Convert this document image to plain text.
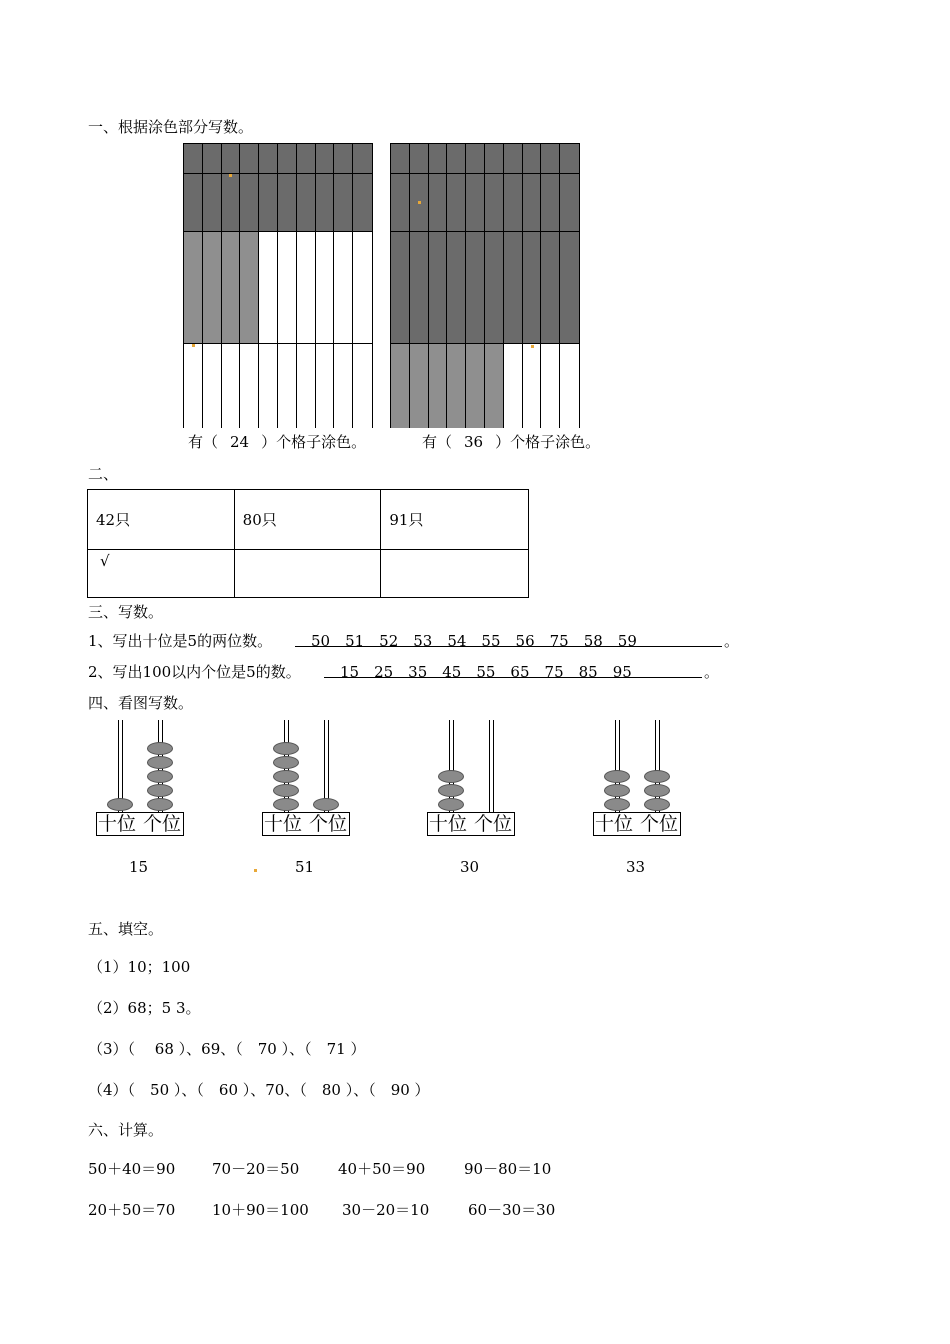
一、根据涂色部分写数。
有（ 24 ）个格子涂色。	有（ 36 ）个格子涂色。
二、
42只	80只	91只
√		
三、写数。
1、写出十位是5的两位数。	50　51　52　53　54　55　56　75　58　59	。
2、写出100以内个位是5的数。	15　25　35　45　55　65　75　85　95	。
四、看图写数。
十位 个位
15
十位 个位
51
十位 个位
30
十位 个位
33
五、填空。
（1）10；100
（2）68；5 3。
（3）（　 68 ）、69、（　70 ）、（　71 ）
（4）（　50 ）、（　60 ）、70、（　80 ）、（　90 ）
六、计算。
50＋40＝90 70－20＝50	40＋50＝90	90－80＝10
20＋50＝70 10＋90＝100 30－20＝10	60－30＝30
